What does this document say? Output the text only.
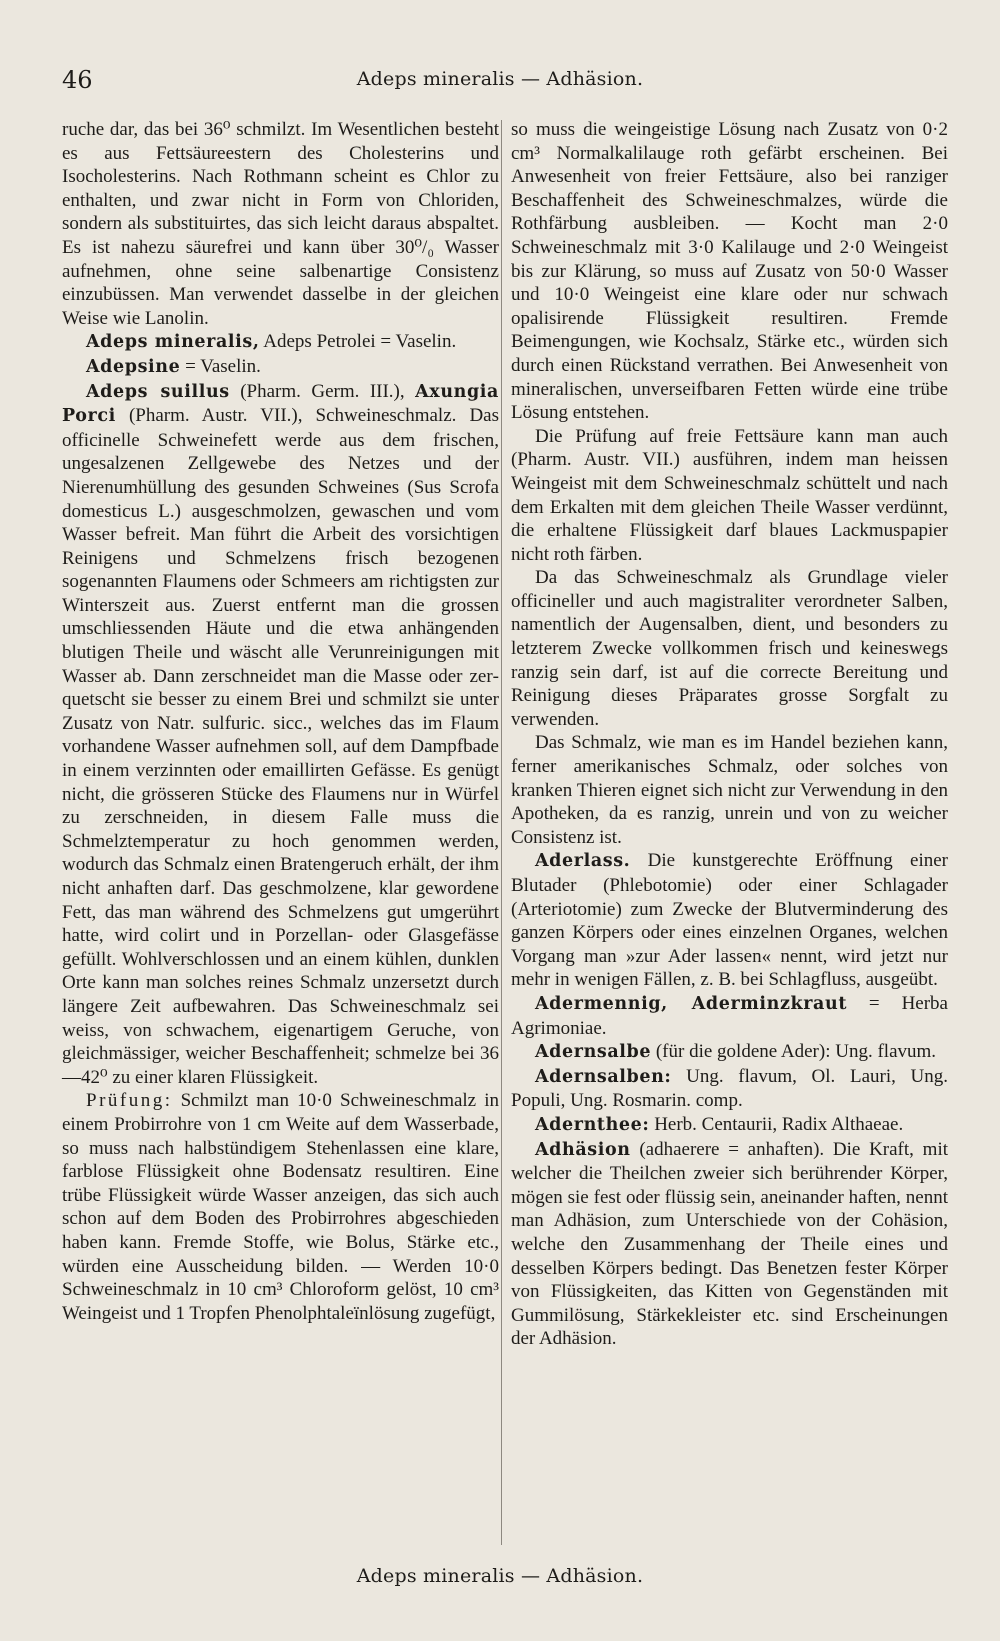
46	Adeps mineralis — Adhäsion.

ruche dar, das bei 36⁰ schmilzt. Im Wesentlichen besteht es aus Fettsäureestern des Cholesterins und Isocholesterins. Nach Rothmann scheint es Chlor zu enthalten, und zwar nicht in Form von Chloriden, sondern als substituirtes, das sich leicht daraus abspaltet. Es ist nahezu säurefrei und kann über 30⁰/₀ Wasser aufnehmen, ohne seine salbenartige Consistenz einzubüssen. Man verwendet dasselbe in der gleichen Weise wie Lanolin.

Adeps mineralis, Adeps Petrolei = Vaselin.

Adepsine = Vaselin.

Adeps suillus (Pharm. Germ. III.), Axungia Porci (Pharm. Austr. VII.), Schweineschmalz. Das officinelle Schweinefett werde aus dem frischen, ungesalzenen Zellgewebe des Netzes und der Nierenumhüllung des gesunden Schweines (Sus Scrofa domesticus L.) ausgeschmolzen, gewaschen und vom Wasser befreit. Man führt die Arbeit des vorsichtigen Reinigens und Schmelzens frisch bezogenen sogenannten Flaumens oder Schmeers am richtigsten zur Winterszeit aus. Zuerst entfernt man die grossen umschliessenden Häute und die etwa anhängenden blutigen Theile und wäscht alle Verunreinigungen mit Wasser ab. Dann zerschneidet man die Masse oder zerquetscht sie besser zu einem Brei und schmilzt sie unter Zusatz von Natr. sulfuric. sicc., welches das im Flaum vorhandene Wasser aufnehmen soll, auf dem Dampfbade in einem verzinnten oder emaillirten Gefässe. Es genügt nicht, die grösseren Stücke des Flaumens nur in Würfel zu zerschneiden, in diesem Falle muss die Schmelztemperatur zu hoch genommen werden, wodurch das Schmalz einen Bratengeruch erhält, der ihm nicht anhaften darf. Das geschmolzene, klar gewordene Fett, das man während des Schmelzens gut umgerührt hatte, wird colirt und in Porzellan- oder Glasgefässe gefüllt. Wohlverschlossen und an einem kühlen, dunklen Orte kann man solches reines Schmalz unzersetzt durch längere Zeit aufbewahren. Das Schweineschmalz sei weiss, von schwachem, eigenartigem Geruche, von gleichmässiger, weicher Beschaffenheit; schmelze bei 36—42⁰ zu einer klaren Flüssigkeit.

Prüfung: Schmilzt man 10·0 Schweineschmalz in einem Probirrohre von 1 cm Weite auf dem Wasserbade, so muss nach halbstündigem Stehenlassen eine klare, farblose Flüssigkeit ohne Bodensatz resultiren. Eine trübe Flüssigkeit würde Wasser anzeigen, das sich auch schon auf dem Boden des Probirrohres abgeschieden haben kann. Fremde Stoffe, wie Bolus, Stärke etc., würden eine Ausscheidung bilden. — Werden 10·0 Schweineschmalz in 10 cm³ Chloroform gelöst, 10 cm³ Weingeist und 1 Tropfen Phenolphtaleïnlösung zugefügt,

so muss die weingeistige Lösung nach Zusatz von 0·2 cm³ Normalkalilauge roth gefärbt erscheinen. Bei Anwesenheit von freier Fettsäure, also bei ranziger Beschaffenheit des Schweineschmalzes, würde die Rothfärbung ausbleiben. — Kocht man 2·0 Schweineschmalz mit 3·0 Kalilauge und 2·0 Weingeist bis zur Klärung, so muss auf Zusatz von 50·0 Wasser und 10·0 Weingeist eine klare oder nur schwach opalisirende Flüssigkeit resultiren. Fremde Beimengungen, wie Kochsalz, Stärke etc., würden sich durch einen Rückstand verrathen. Bei Anwesenheit von mineralischen, unverseifbaren Fetten würde eine trübe Lösung entstehen.

Die Prüfung auf freie Fettsäure kann man auch (Pharm. Austr. VII.) ausführen, indem man heissen Weingeist mit dem Schweineschmalz schüttelt und nach dem Erkalten mit dem gleichen Theile Wasser verdünnt, die erhaltene Flüssigkeit darf blaues Lackmuspapier nicht roth färben.

Da das Schweineschmalz als Grundlage vieler officineller und auch magistraliter verordneter Salben, namentlich der Augensalben, dient, und besonders zu letzterem Zwecke vollkommen frisch und keineswegs ranzig sein darf, ist auf die correcte Bereitung und Reinigung dieses Präparates grosse Sorgfalt zu verwenden.

Das Schmalz, wie man es im Handel beziehen kann, ferner amerikanisches Schmalz, oder solches von kranken Thieren eignet sich nicht zur Verwendung in den Apotheken, da es ranzig, unrein und von zu weicher Consistenz ist.

Aderlass. Die kunstgerechte Eröffnung einer Blutader (Phlebotomie) oder einer Schlagader (Arteriotomie) zum Zwecke der Blutverminderung des ganzen Körpers oder eines einzelnen Organes, welchen Vorgang man »zur Ader lassen« nennt, wird jetzt nur mehr in wenigen Fällen, z. B. bei Schlagfluss, ausgeübt.

Adermennig, Aderminzkraut = Herba Agrimoniae.

Adernsalbe (für die goldene Ader): Ung. flavum.

Adernsalben: Ung. flavum, Ol. Lauri, Ung. Populi, Ung. Rosmarin. comp.

Adernthee: Herb. Centaurii, Radix Althaeae.

Adhäsion (adhaerere = anhaften). Die Kraft, mit welcher die Theilchen zweier sich berührender Körper, mögen sie fest oder flüssig sein, aneinander haften, nennt man Adhäsion, zum Unterschiede von der Cohäsion, welche den Zusammenhang der Theile eines und desselben Körpers bedingt. Das Benetzen fester Körper von Flüssigkeiten, das Kitten von Gegenständen mit Gummilösung, Stärkekleister etc. sind Erscheinungen der Adhäsion.

Adeps mineralis — Adhäsion.
